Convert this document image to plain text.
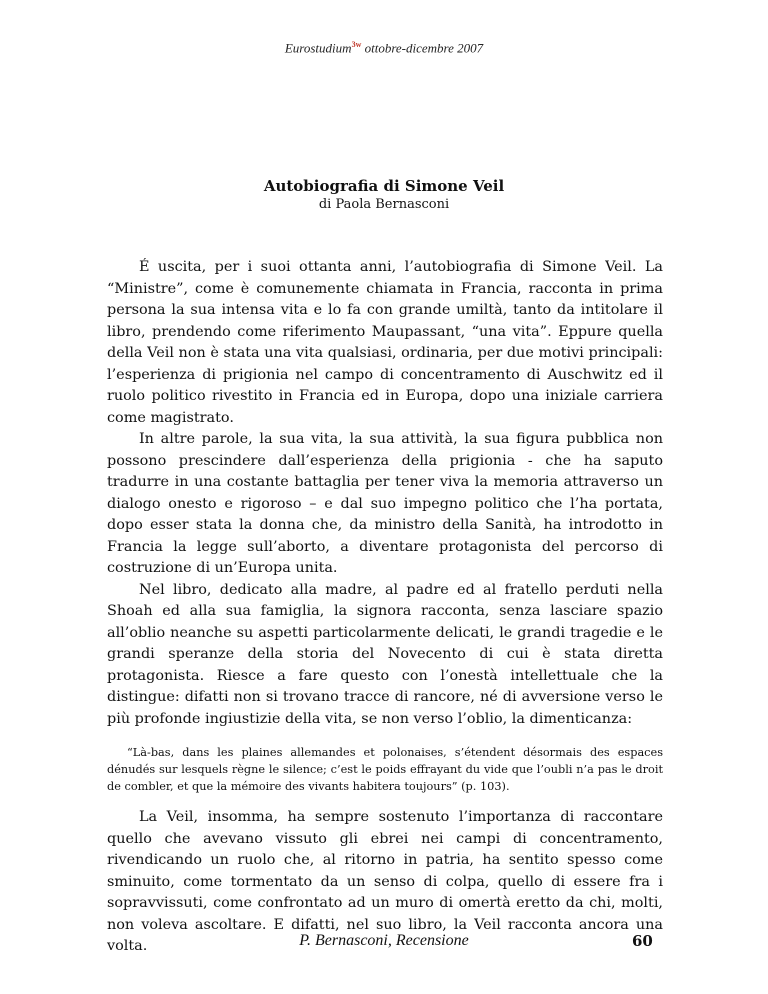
Eurostudium$^{3w}$ ottobre-dicembre 2007

Autobiografia di Simone Veil

di Paola Bernasconi

É uscita, per i suoi ottanta anni, l’autobiografia di Simone Veil. La “Ministre”, come è comunemente chiamata in Francia, racconta in prima persona la sua intensa vita e lo fa con grande umiltà, tanto da intitolare il libro, prendendo come riferimento Maupassant, “una vita”. Eppure quella della Veil non è stata una vita qualsiasi, ordinaria, per due motivi principali: l’esperienza di prigionia nel campo di concentramento di Auschwitz ed il ruolo politico rivestito in Francia ed in Europa, dopo una iniziale carriera come magistrato.

In altre parole, la sua vita, la sua attività, la sua figura pubblica non possono prescindere dall’esperienza della prigionia - che ha saputo tradurre in una costante battaglia per tener viva la memoria attraverso un dialogo onesto e rigoroso – e dal suo impegno politico che l’ha portata, dopo esser stata la donna che, da ministro della Sanità, ha introdotto in Francia la legge sull’aborto, a diventare protagonista del percorso di costruzione di un’Europa unita.

Nel libro, dedicato alla madre, al padre ed al fratello perduti nella Shoah ed alla sua famiglia, la signora racconta, senza lasciare spazio all’oblio neanche su aspetti particolarmente delicati, le grandi tragedie e le grandi speranze della storia del Novecento di cui è stata diretta protagonista. Riesce a fare questo con l’onestà intellettuale che la distingue: difatti non si trovano tracce di rancore, né di avversione verso le più profonde ingiustizie della vita, se non verso l’oblio, la dimenticanza:

“Là-bas, dans les plaines allemandes et polonaises, s’étendent désormais des espaces dénudés sur lesquels règne le silence; c’est le poids effrayant du vide que l’oubli n’a pas le droit de combler, et que la mémoire des vivants habitera toujours” (p. 103).

La Veil, insomma, ha sempre sostenuto l’importanza di raccontare quello che avevano vissuto gli ebrei nei campi di concentramento, rivendicando un ruolo che, al ritorno in patria, ha sentito spesso come sminuito, come tormentato da un senso di colpa, quello di essere fra i sopravvissuti, come confrontato ad un muro di omertà eretto da chi, molti, non voleva ascoltare. E difatti, nel suo libro, la Veil racconta ancora una volta.	P. Bernasconi, Recensione	60
